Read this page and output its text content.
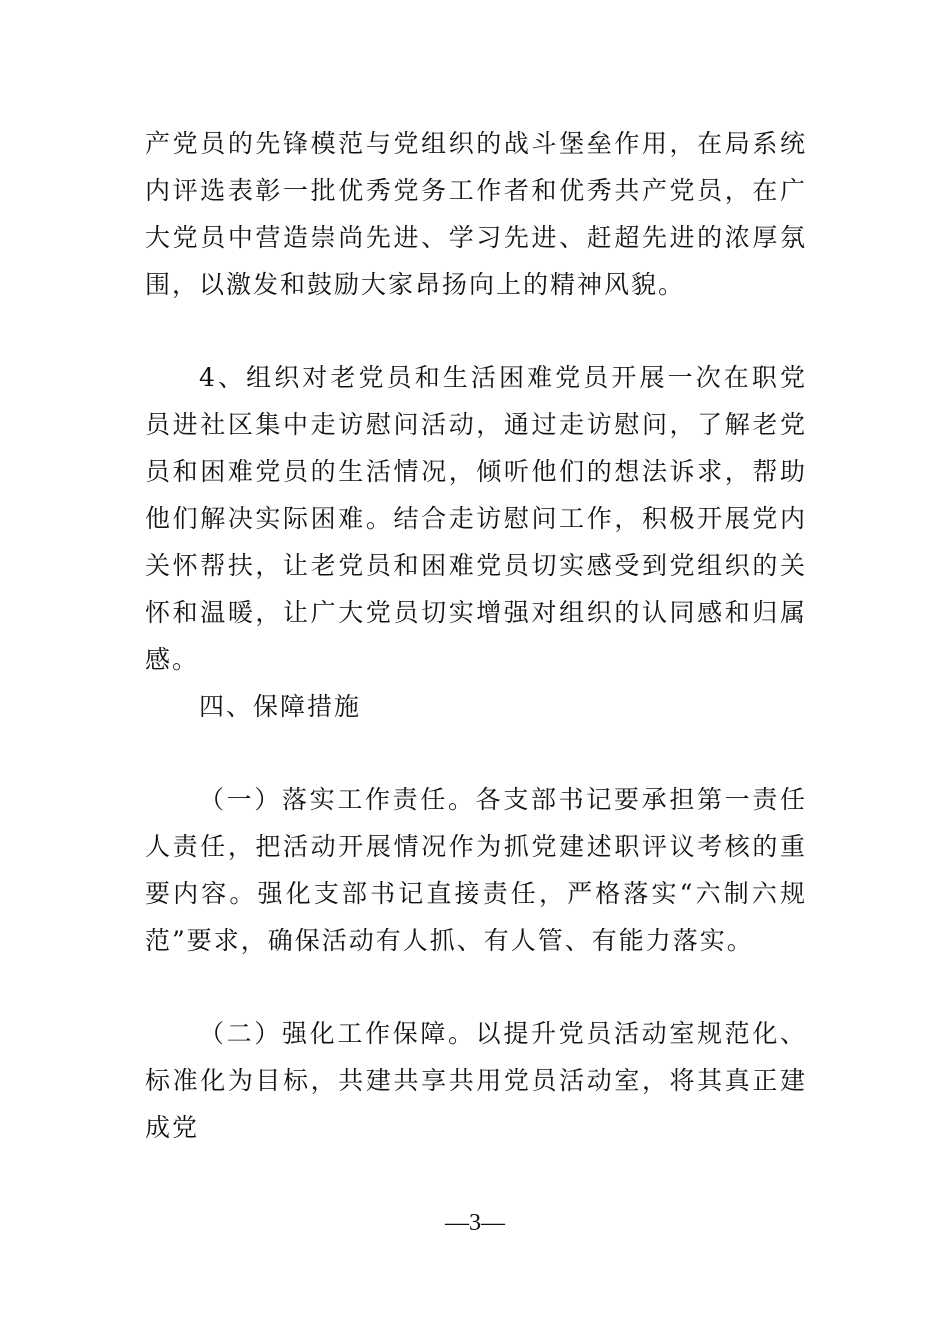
产党员的先锋模范与党组织的战斗堡垒作用，在局系统内评选表彰一批优秀党务工作者和优秀共产党员，在广大党员中营造崇尚先进、学习先进、赶超先进的浓厚氛围，以激发和鼓励大家昂扬向上的精神风貌。

4、组织对老党员和生活困难党员开展一次在职党员进社区集中走访慰问活动，通过走访慰问，了解老党员和困难党员的生活情况，倾听他们的想法诉求，帮助他们解决实际困难。结合走访慰问工作，积极开展党内关怀帮扶，让老党员和困难党员切实感受到党组织的关怀和温暖，让广大党员切实增强对组织的认同感和归属感。

四、保障措施

（一）落实工作责任。各支部书记要承担第一责任人责任，把活动开展情况作为抓党建述职评议考核的重要内容。强化支部书记直接责任，严格落实“六制六规范”要求，确保活动有人抓、有人管、有能力落实。

（二）强化工作保障。以提升党员活动室规范化、标准化为目标，共建共享共用党员活动室，将其真正建成党

—3—
